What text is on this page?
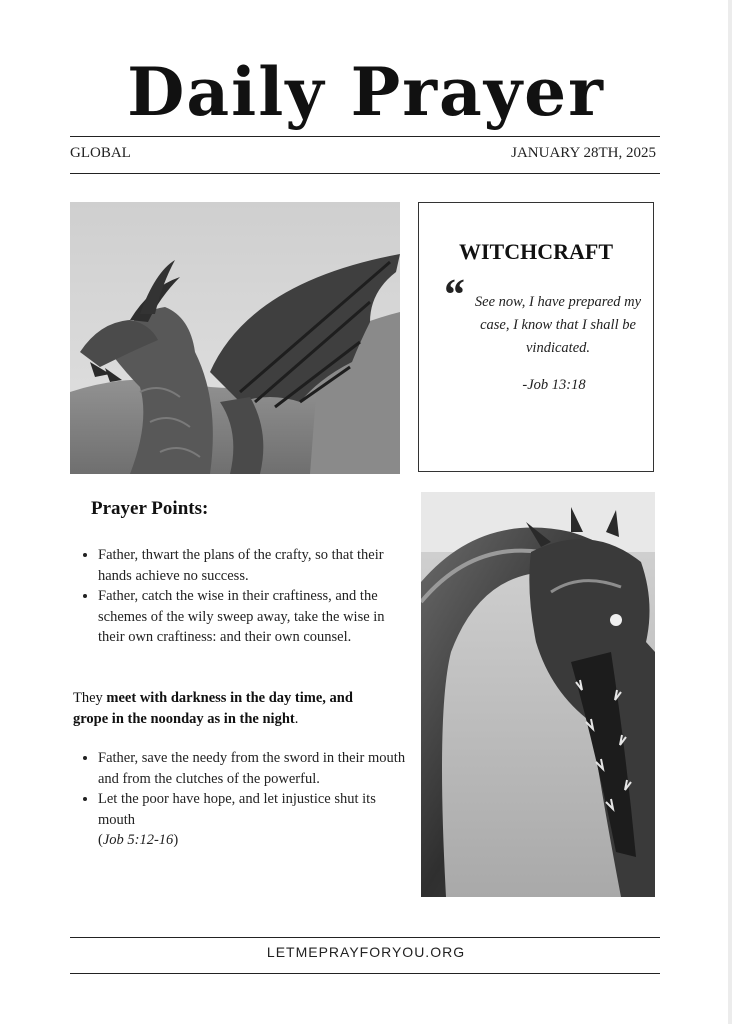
Daily Prayer
GLOBAL	JANUARY 28TH, 2025
WITCHCRAFT
“ See now, I have prepared my case, I know that I shall be vindicated.
-Job 13:18
Prayer Points:
• Father, thwart the plans of the crafty, so that their hands achieve no success.
• Father, catch the wise in their craftiness, and the schemes of the wily sweep away, take the wise in their own craftiness: and their own counsel.
They meet with darkness in the day time, and grope in the noonday as in the night.
• Father, save the needy from the sword in their mouth and from the clutches of the powerful.
• Let the poor have hope, and let injustice shut its mouth
(Job 5:12-16)
LETMEPRAYFORYOU.ORG
